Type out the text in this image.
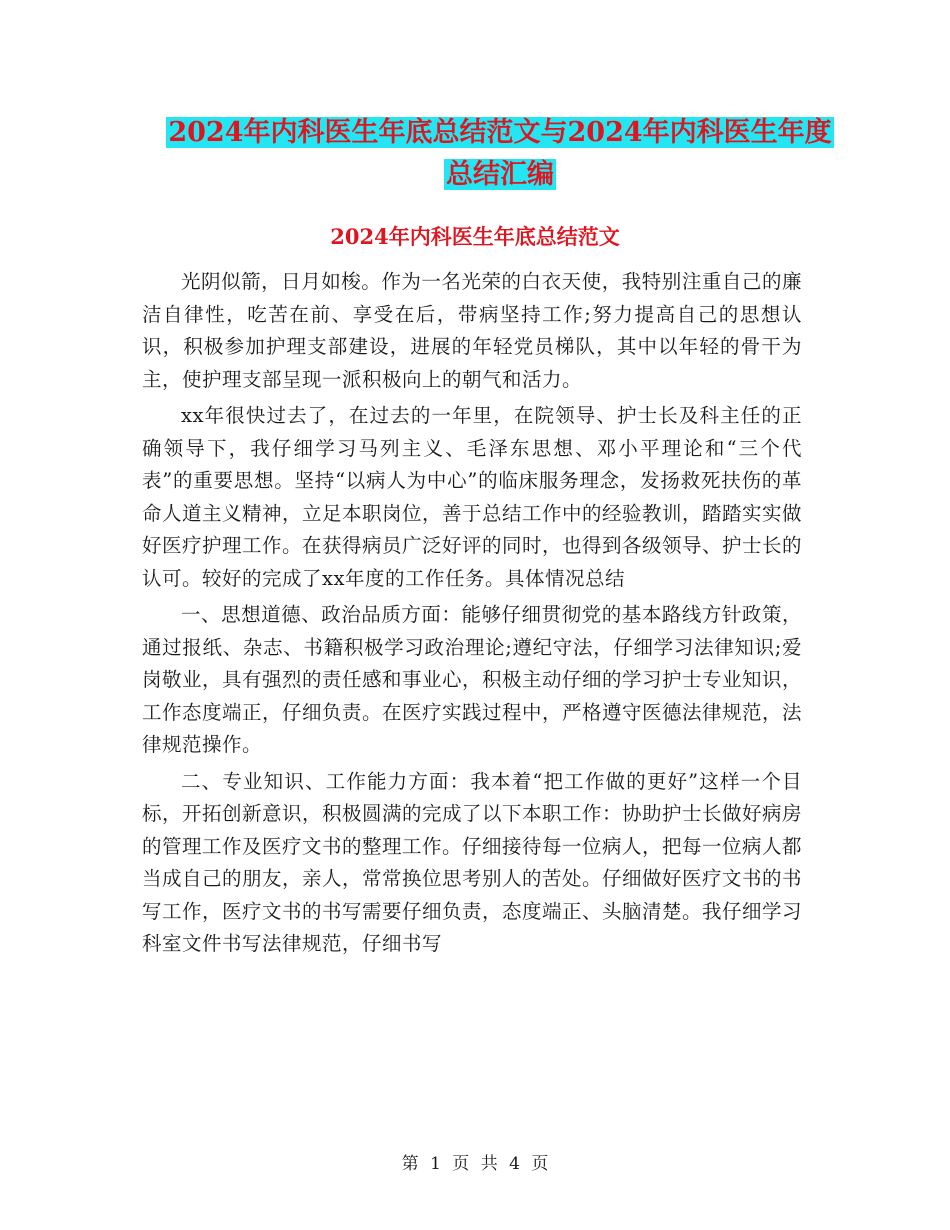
2024年内科医生年底总结范文与2024年内科医生年度
总结汇编
2024年内科医生年底总结范文

光阴似箭，日月如梭。作为一名光荣的白衣天使，我特别注重自己的廉洁自律性，吃苦在前、享受在后，带病坚持工作;努力提高自己的思想认识，积极参加护理支部建设，进展的年轻党员梯队，其中以年轻的骨干为主，使护理支部呈现一派积极向上的朝气和活力。

xx年很快过去了，在过去的一年里，在院领导、护士长及科主任的正确领导下，我仔细学习马列主义、毛泽东思想、邓小平理论和“三个代表”的重要思想。坚持“以病人为中心”的临床服务理念，发扬救死扶伤的革命人道主义精神，立足本职岗位，善于总结工作中的经验教训，踏踏实实做好医疗护理工作。在获得病员广泛好评的同时，也得到各级领导、护士长的认可。较好的完成了xx年度的工作任务。具体情况总结

一、思想道德、政治品质方面：能够仔细贯彻党的基本路线方针政策，通过报纸、杂志、书籍积极学习政治理论;遵纪守法，仔细学习法律知识;爱岗敬业，具有强烈的责任感和事业心，积极主动仔细的学习护士专业知识，工作态度端正，仔细负责。在医疗实践过程中，严格遵守医德法律规范，法律规范操作。

二、专业知识、工作能力方面：我本着“把工作做的更好”这样一个目标，开拓创新意识，积极圆满的完成了以下本职工作：协助护士长做好病房的管理工作及医疗文书的整理工作。仔细接待每一位病人，把每一位病人都当成自己的朋友，亲人，常常换位思考别人的苦处。仔细做好医疗文书的书写工作，医疗文书的书写需要仔细负责，态度端正、头脑清楚。我仔细学习科室文件书写法律规范，仔细书写

第 1 页 共 4 页
